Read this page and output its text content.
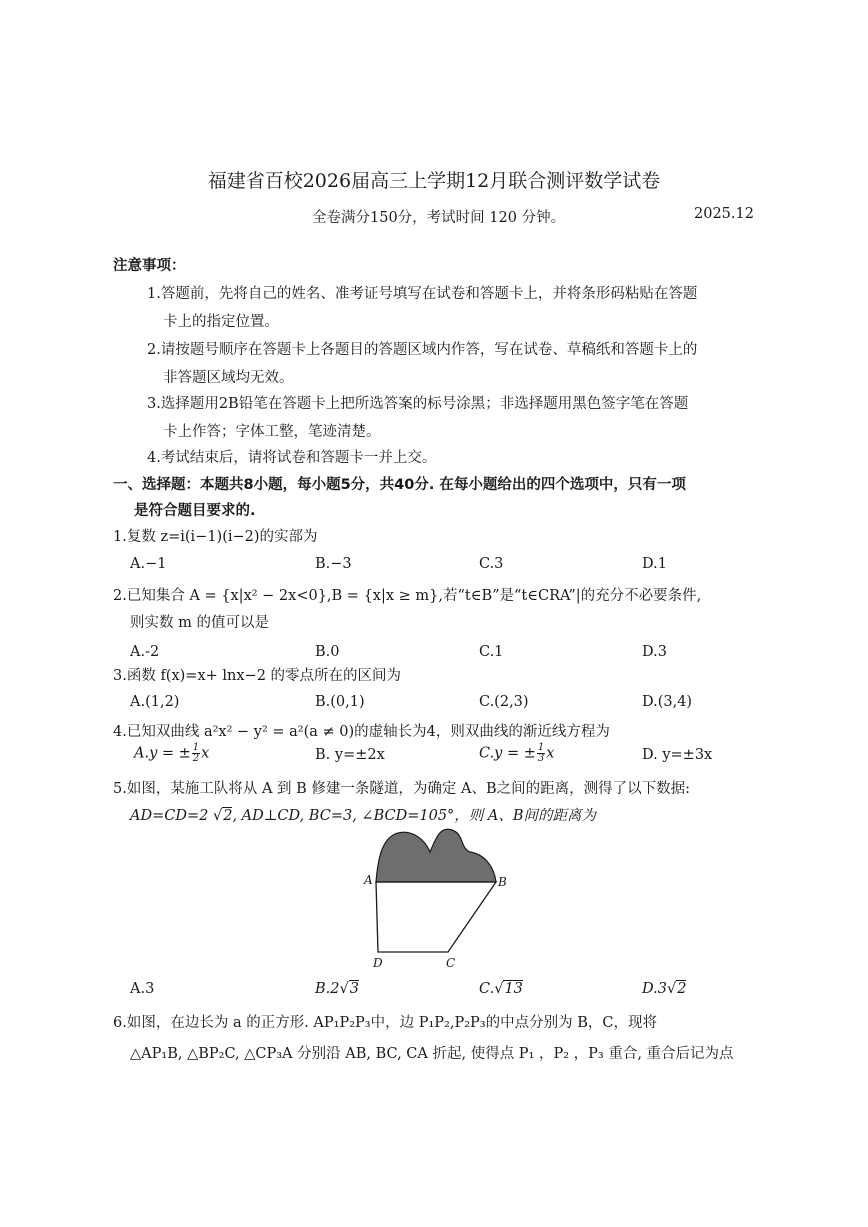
福建省百校2026届高三上学期12月联合测评数学试卷
全卷满分150分，考试时间 120 分钟。	2025.12
注意事项：
1.答题前，先将自己的姓名、准考证号填写在试卷和答题卡上，并将条形码粘贴在答题
卡上的指定位置。
2.请按题号顺序在答题卡上各题目的答题区域内作答，写在试卷、草稿纸和答题卡上的
非答题区域均无效。
3.选择题用2B铅笔在答题卡上把所选答案的标号涂黑；非选择题用黑色签字笔在答题
卡上作答；字体工整，笔迹清楚。
4.考试结束后，请将试卷和答题卡一并上交。
一、选择题：本题共8小题，每小题5分，共40分. 在每小题给出的四个选项中，只有一项
是符合题目要求的.
1.复数 z=i(i−1)(i−2)的实部为
A.−1	B.−3	C.3	D.1
2.已知集合 A = {x|x² − 2x<0},B = {x|x ≥ m},若“t∈B”是“t∈CRA”|的充分不必要条件,
则实数 m 的值可以是
A.-2	B.0	C.1	D.3
3.函数 f(x)=x+ lnx−2 的零点所在的区间为
A.(1,2)	B.(0,1)	C.(2,3)	D.(3,4)
4.已知双曲线 a²x² − y² = a²(a ≠ 0)的虚轴长为4，则双曲线的渐近线方程为
A.y = ± $\frac{1}{2}$ x	B. y=±2x	C.y = ± $\frac{1}{3}$ x	D. y=±3x
5.如图，某施工队将从 A 到 B 修建一条隧道，为确定 A、B之间的距离，测得了以下数据:
AD=CD=2 √2, AD⊥CD, BC=3, ∠BCD=105°，则 A、B间的距离为
A	B
D	C
A.3	B.2√3	C.√13	D.3√2
6.如图，在边长为 a 的正方形. AP₁P₂P₃中，边 P₁P₂,P₂P₃的中点分别为 B，C，现将
△AP₁B, △BP₂C, △CP₃A 分别沿 AB, BC, CA 折起, 使得点 P₁ ，P₂ ，P₃ 重合, 重合后记为点
